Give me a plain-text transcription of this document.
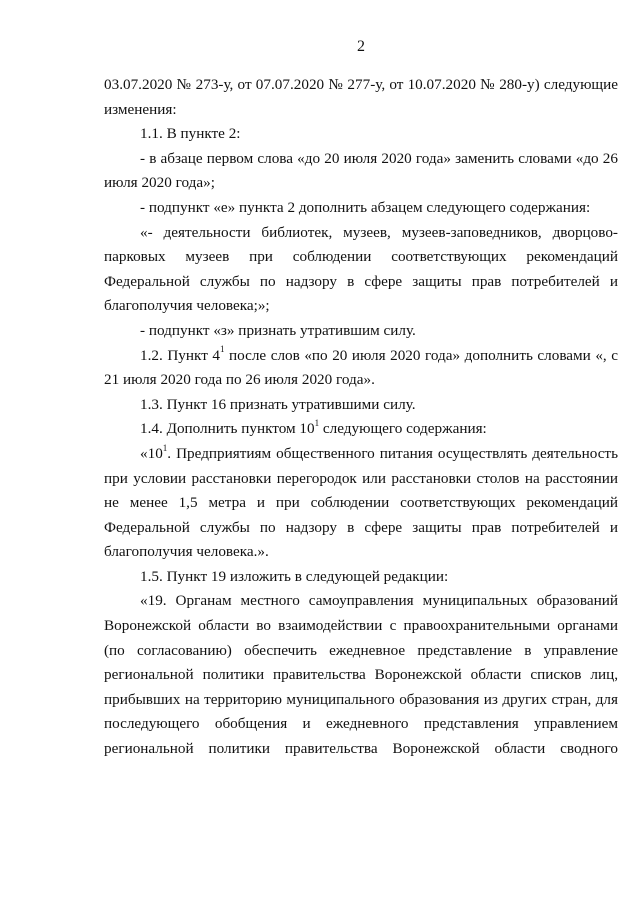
2

03.07.2020 № 273-у, от 07.07.2020 № 277-у, от 10.07.2020 № 280-у) следующие изменения:

1.1. В пункте 2:

- в абзаце первом слова «до 20 июля 2020 года» заменить словами «до 26 июля 2020 года»;

- подпункт «е» пункта 2 дополнить абзацем следующего содержания:

«- деятельности библиотек, музеев, музеев-заповедников, дворцово-парковых музеев при соблюдении соответствующих рекомендаций Федеральной службы по надзору в сфере защиты прав потребителей и благополучия человека;»;

- подпункт «з» признать утратившим силу.

1.2. Пункт $4^1$ после слов «по 20 июля 2020 года» дополнить словами «, с 21 июля 2020 года по 26 июля 2020 года».

1.3. Пункт 16 признать утратившими силу.

1.4. Дополнить пунктом $10^1$ следующего содержания:

«$10^1$. Предприятиям общественного питания осуществлять деятельность при условии расстановки перегородок или расстановки столов на расстоянии не менее 1,5 метра и при соблюдении соответствующих рекомендаций Федеральной службы по надзору в сфере защиты прав потребителей и благополучия человека.».

1.5. Пункт 19 изложить в следующей редакции:

«19. Органам местного самоуправления муниципальных образований Воронежской области во взаимодействии с правоохранительными органами (по согласованию) обеспечить ежедневное представление в управление региональной политики правительства Воронежской области списков лиц, прибывших на территорию муниципального образования из других стран, для последующего обобщения и ежедневного представления управлением региональной политики правительства Воронежской области сводного
